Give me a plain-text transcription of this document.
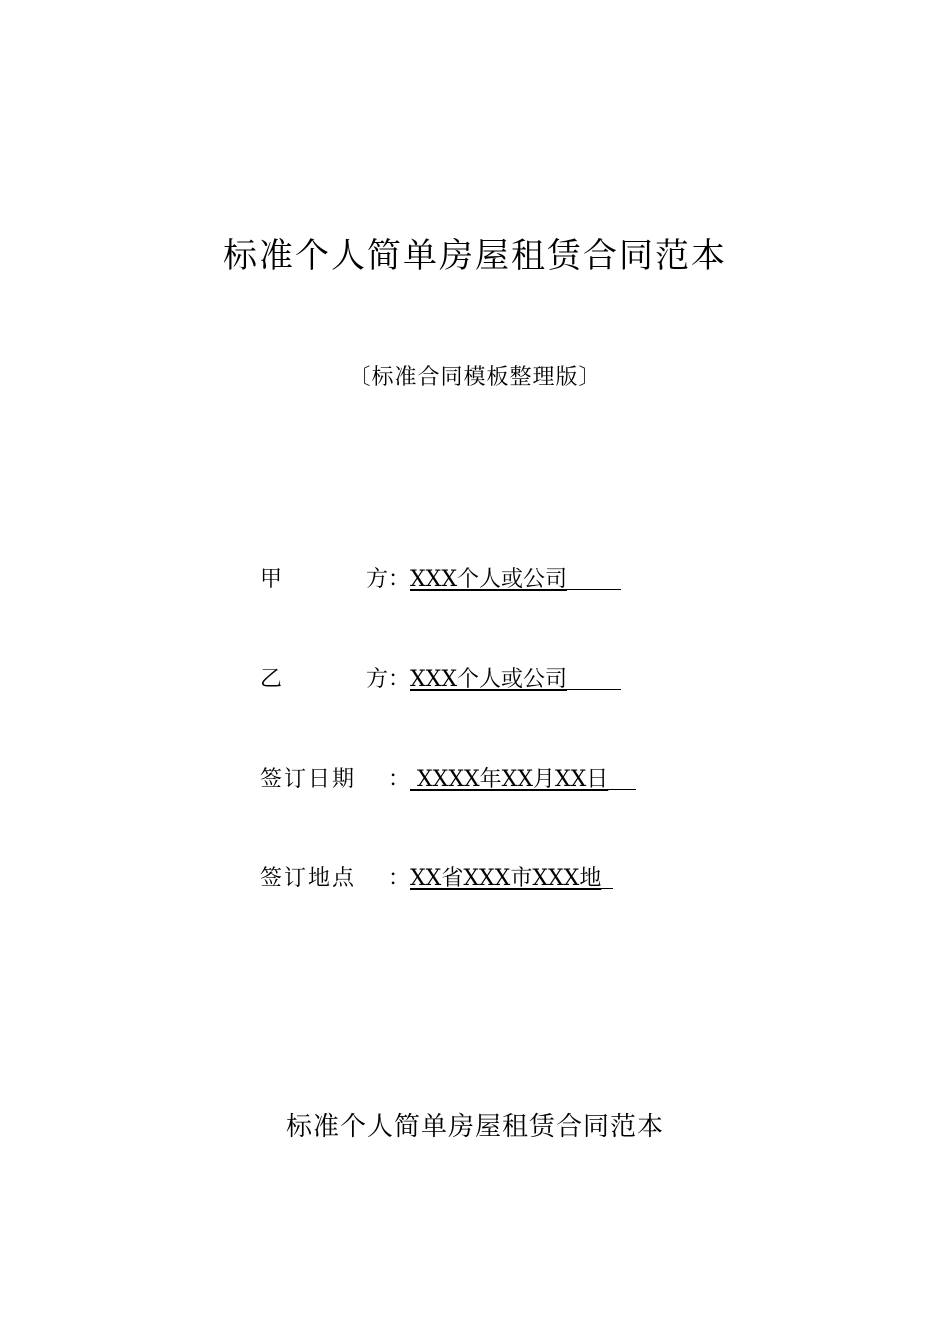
标准个人简单房屋租赁合同范本

〔标准合同模板整理版〕

甲	方 ： XXX个人或公司
乙	方 ： XXX个人或公司
签订日期	： XXXX年XX月XX日
签订地点	： XX省XXX市XXX地

标准个人简单房屋租赁合同范本
